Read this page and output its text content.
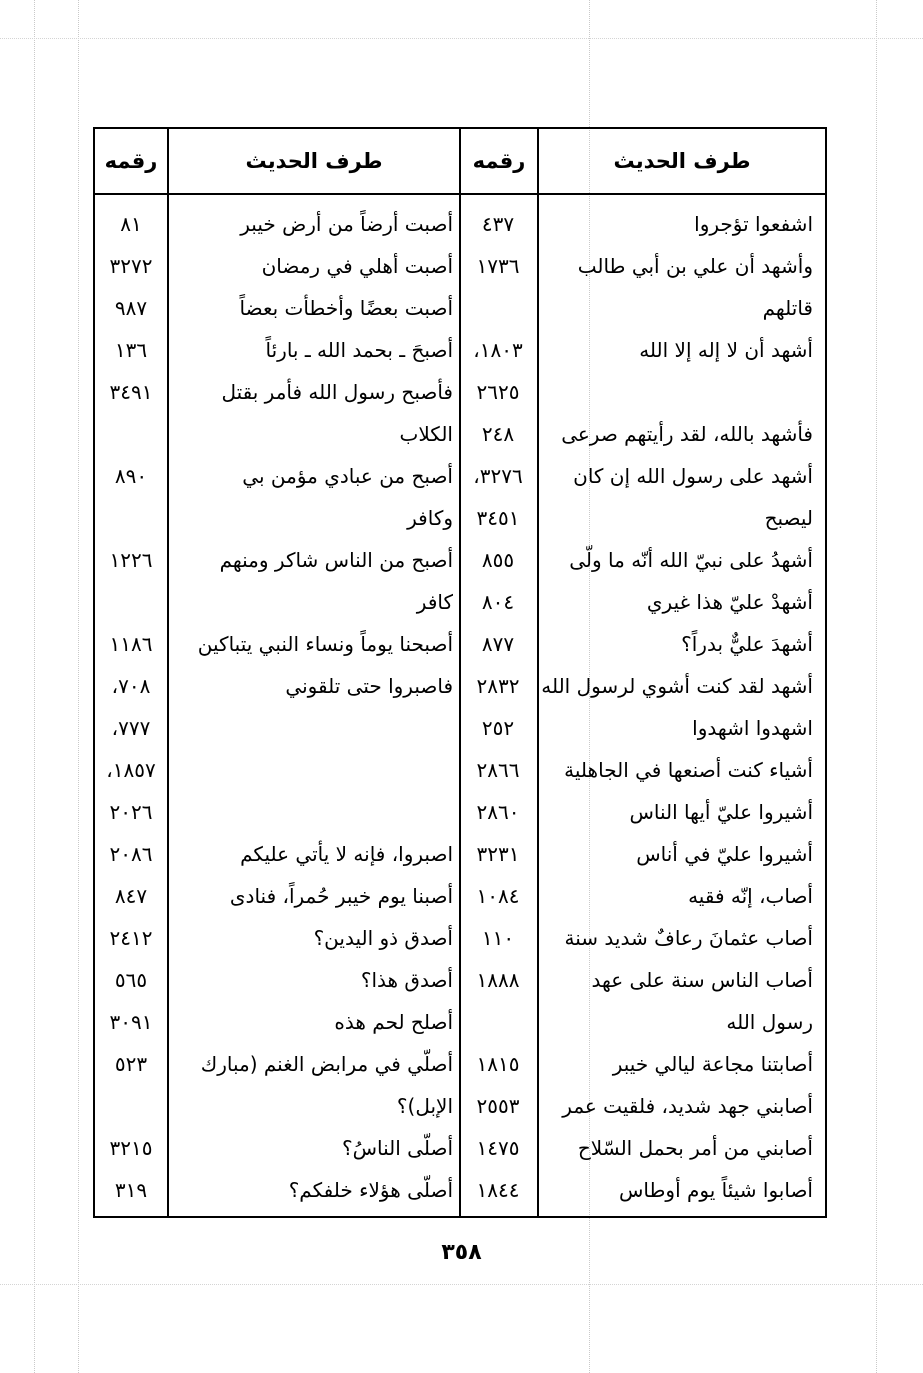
طرف الحديث
رقمه
طرف الحديث
رقمه
اشفعوا تؤجروا
٤٣٧
أصبت أرضاً من أرض خيبر
٨١
وأشهد أن علي بن أبي طالب
١٧٣٦
أصبت أهلي في رمضان
٣٢٧٢
قاتلهم
أصبت بعضًا وأخطأت بعضاً
٩٨٧
أشهد أن لا إله إلا الله
١٨٠٣،
أصبحَ ـ بحمد الله ـ بارئاً
١٣٦
٢٦٢٥
فأصبح رسول الله فأمر بقتل
٣٤٩١
فأشهد بالله، لقد رأيتهم صرعى
٢٤٨
الكلاب
أشهد على رسول الله إن كان
٣٢٧٦،
أصبح من عبادي مؤمن بي
٨٩٠
ليصبح
٣٤٥١
وكافر
أشهدُ على نبيّ الله أنّه ما ولّى
٨٥٥
أصبح من الناس شاكر ومنهم
١٢٢٦
أشهدْ عليّ هذا غيري
٨٠٤
كافر
أشهدَ عليٌّ بدراً؟
٨٧٧
أصبحنا يوماً ونساء النبي يتباكين
١١٨٦
أشهد لقد كنت أشوي لرسول الله
٢٨٣٢
فاصبروا حتى تلقوني
٧٠٨،
اشهدوا اشهدوا
٢٥٢
٧٧٧،
أشياء كنت أصنعها في الجاهلية
٢٨٦٦
١٨٥٧،
أشيروا عليّ أيها الناس
٢٨٦٠
٢٠٢٦
أشيروا عليّ في أناس
٣٢٣١
اصبروا، فإنه لا يأتي عليكم
٢٠٨٦
أصاب، إنّه فقيه
١٠٨٤
أصبنا يوم خيبر حُمراً، فنادى
٨٤٧
أصاب عثمانَ رعافٌ شديد سنة
١١٠
أصدق ذو اليدين؟
٢٤١٢
أصاب الناس سنة على عهد
١٨٨٨
أصدق هذا؟
٥٦٥
رسول الله
أصلح لحم هذه
٣٠٩١
أصابتنا مجاعة ليالي خيبر
١٨١٥
أصلّي في مرابض الغنم (مبارك
٥٢٣
أصابني جهد شديد، فلقيت عمر
٢٥٥٣
الإبل)؟
أصابني من أمر بحمل السّلاح
١٤٧٥
أصلّى الناسُ؟
٣٢١٥
أصابوا شيئاً يوم أوطاس
١٨٤٤
أصلّى هؤلاء خلفكم؟
٣١٩
٣٥٨
